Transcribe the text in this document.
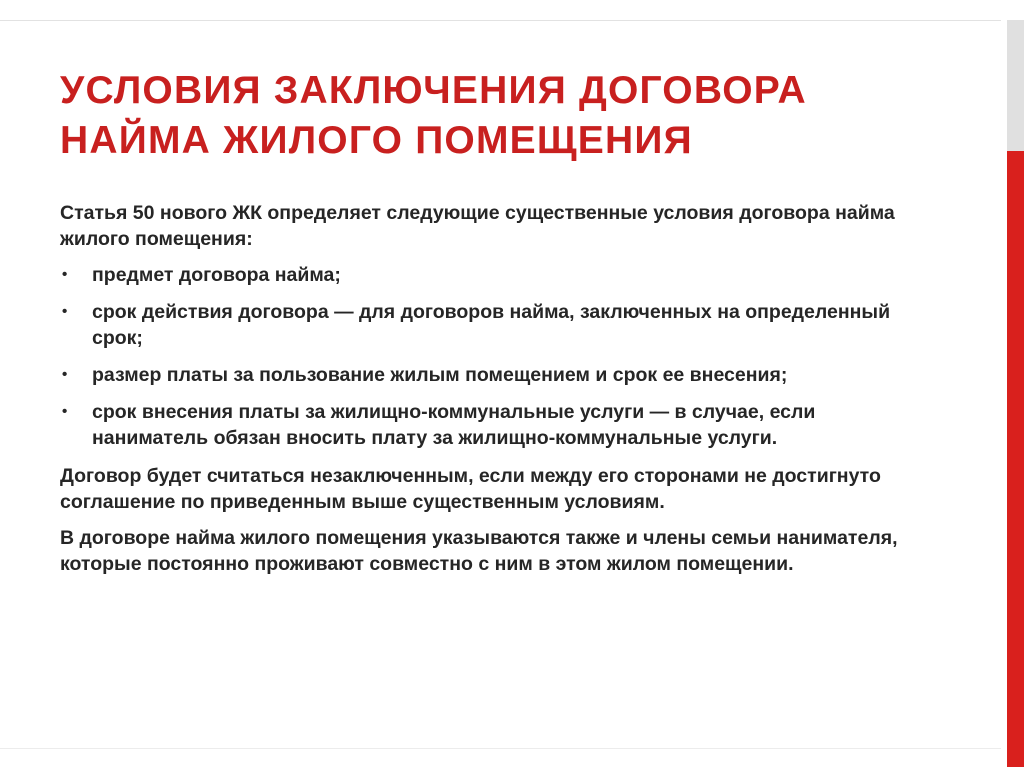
УСЛОВИЯ ЗАКЛЮЧЕНИЯ ДОГОВОРА
НАЙМА ЖИЛОГО ПОМЕЩЕНИЯ

Статья 50 нового ЖК определяет следующие существенные условия договора найма жилого помещения:

• предмет договора найма;
• срок действия договора — для договоров найма, заключенных на определенный срок;
• размер платы за пользование жилым помещением и срок ее внесения;
• срок внесения платы за жилищно-коммунальные услуги — в случае, если наниматель обязан вносить плату за жилищно-коммунальные услуги.

Договор будет считаться незаключенным, если между его сторонами не достигнуто соглашение по приведенным выше существенным условиям.

В договоре найма жилого помещения указываются также и члены семьи нанимателя, которые постоянно проживают совместно с ним в этом жилом помещении.
